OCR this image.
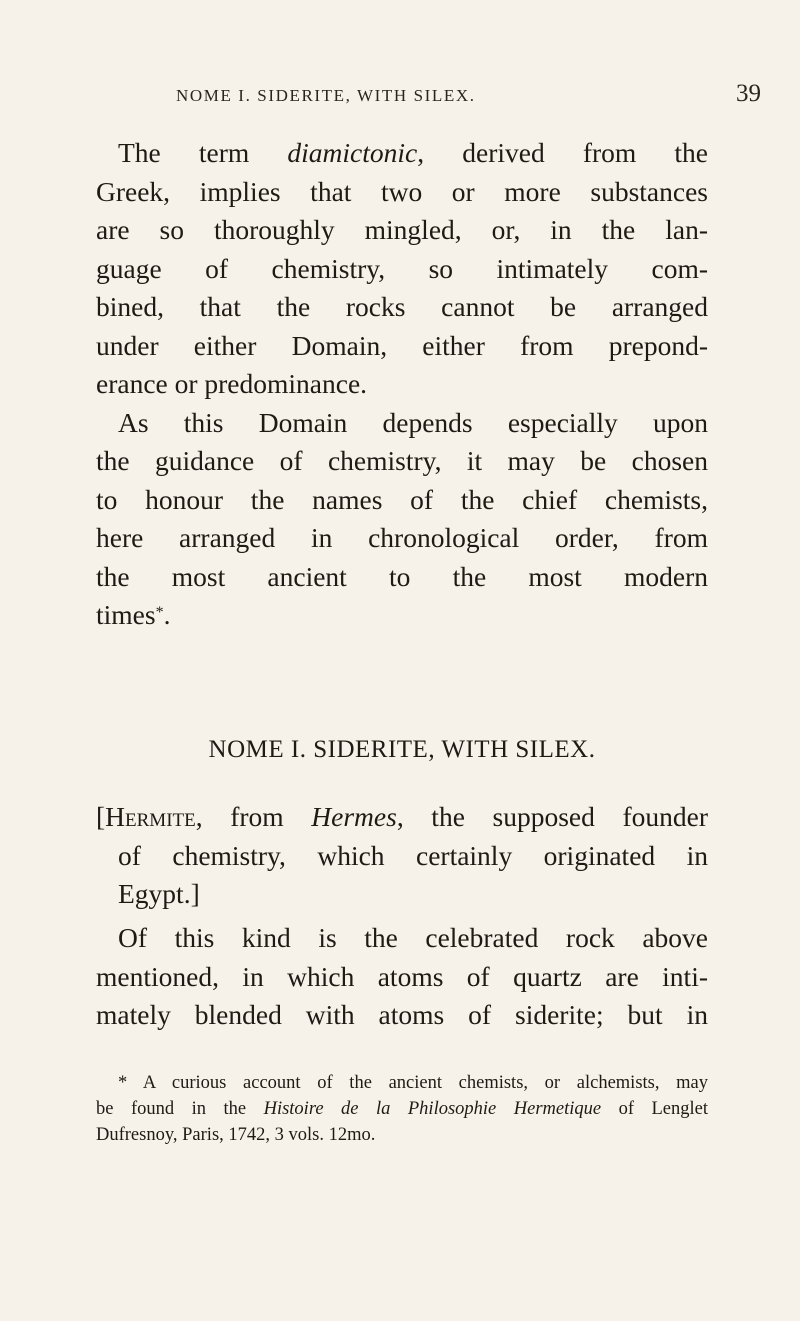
NOME I. SIDERITE, WITH SILEX.	39
The term diamictonic, derived from the
Greek, implies that two or more substances
are so thoroughly mingled, or, in the lan-
guage of chemistry, so intimately com-
bined, that the rocks cannot be arranged
under either Domain, either from prepond-
erance or predominance.
As this Domain depends especially upon
the guidance of chemistry, it may be chosen
to honour the names of the chief chemists,
here arranged in chronological order, from
the most ancient to the most modern
times*.
NOME I. SIDERITE, WITH SILEX.
[Hermite, from Hermes, the supposed founder
of chemistry, which certainly originated in
Egypt.]
Of this kind is the celebrated rock above
mentioned, in which atoms of quartz are inti-
mately blended with atoms of siderite; but in
* A curious account of the ancient chemists, or alchemists, may
be found in the Histoire de la Philosophie Hermetique of Lenglet
Dufresnoy, Paris, 1742, 3 vols. 12mo.
